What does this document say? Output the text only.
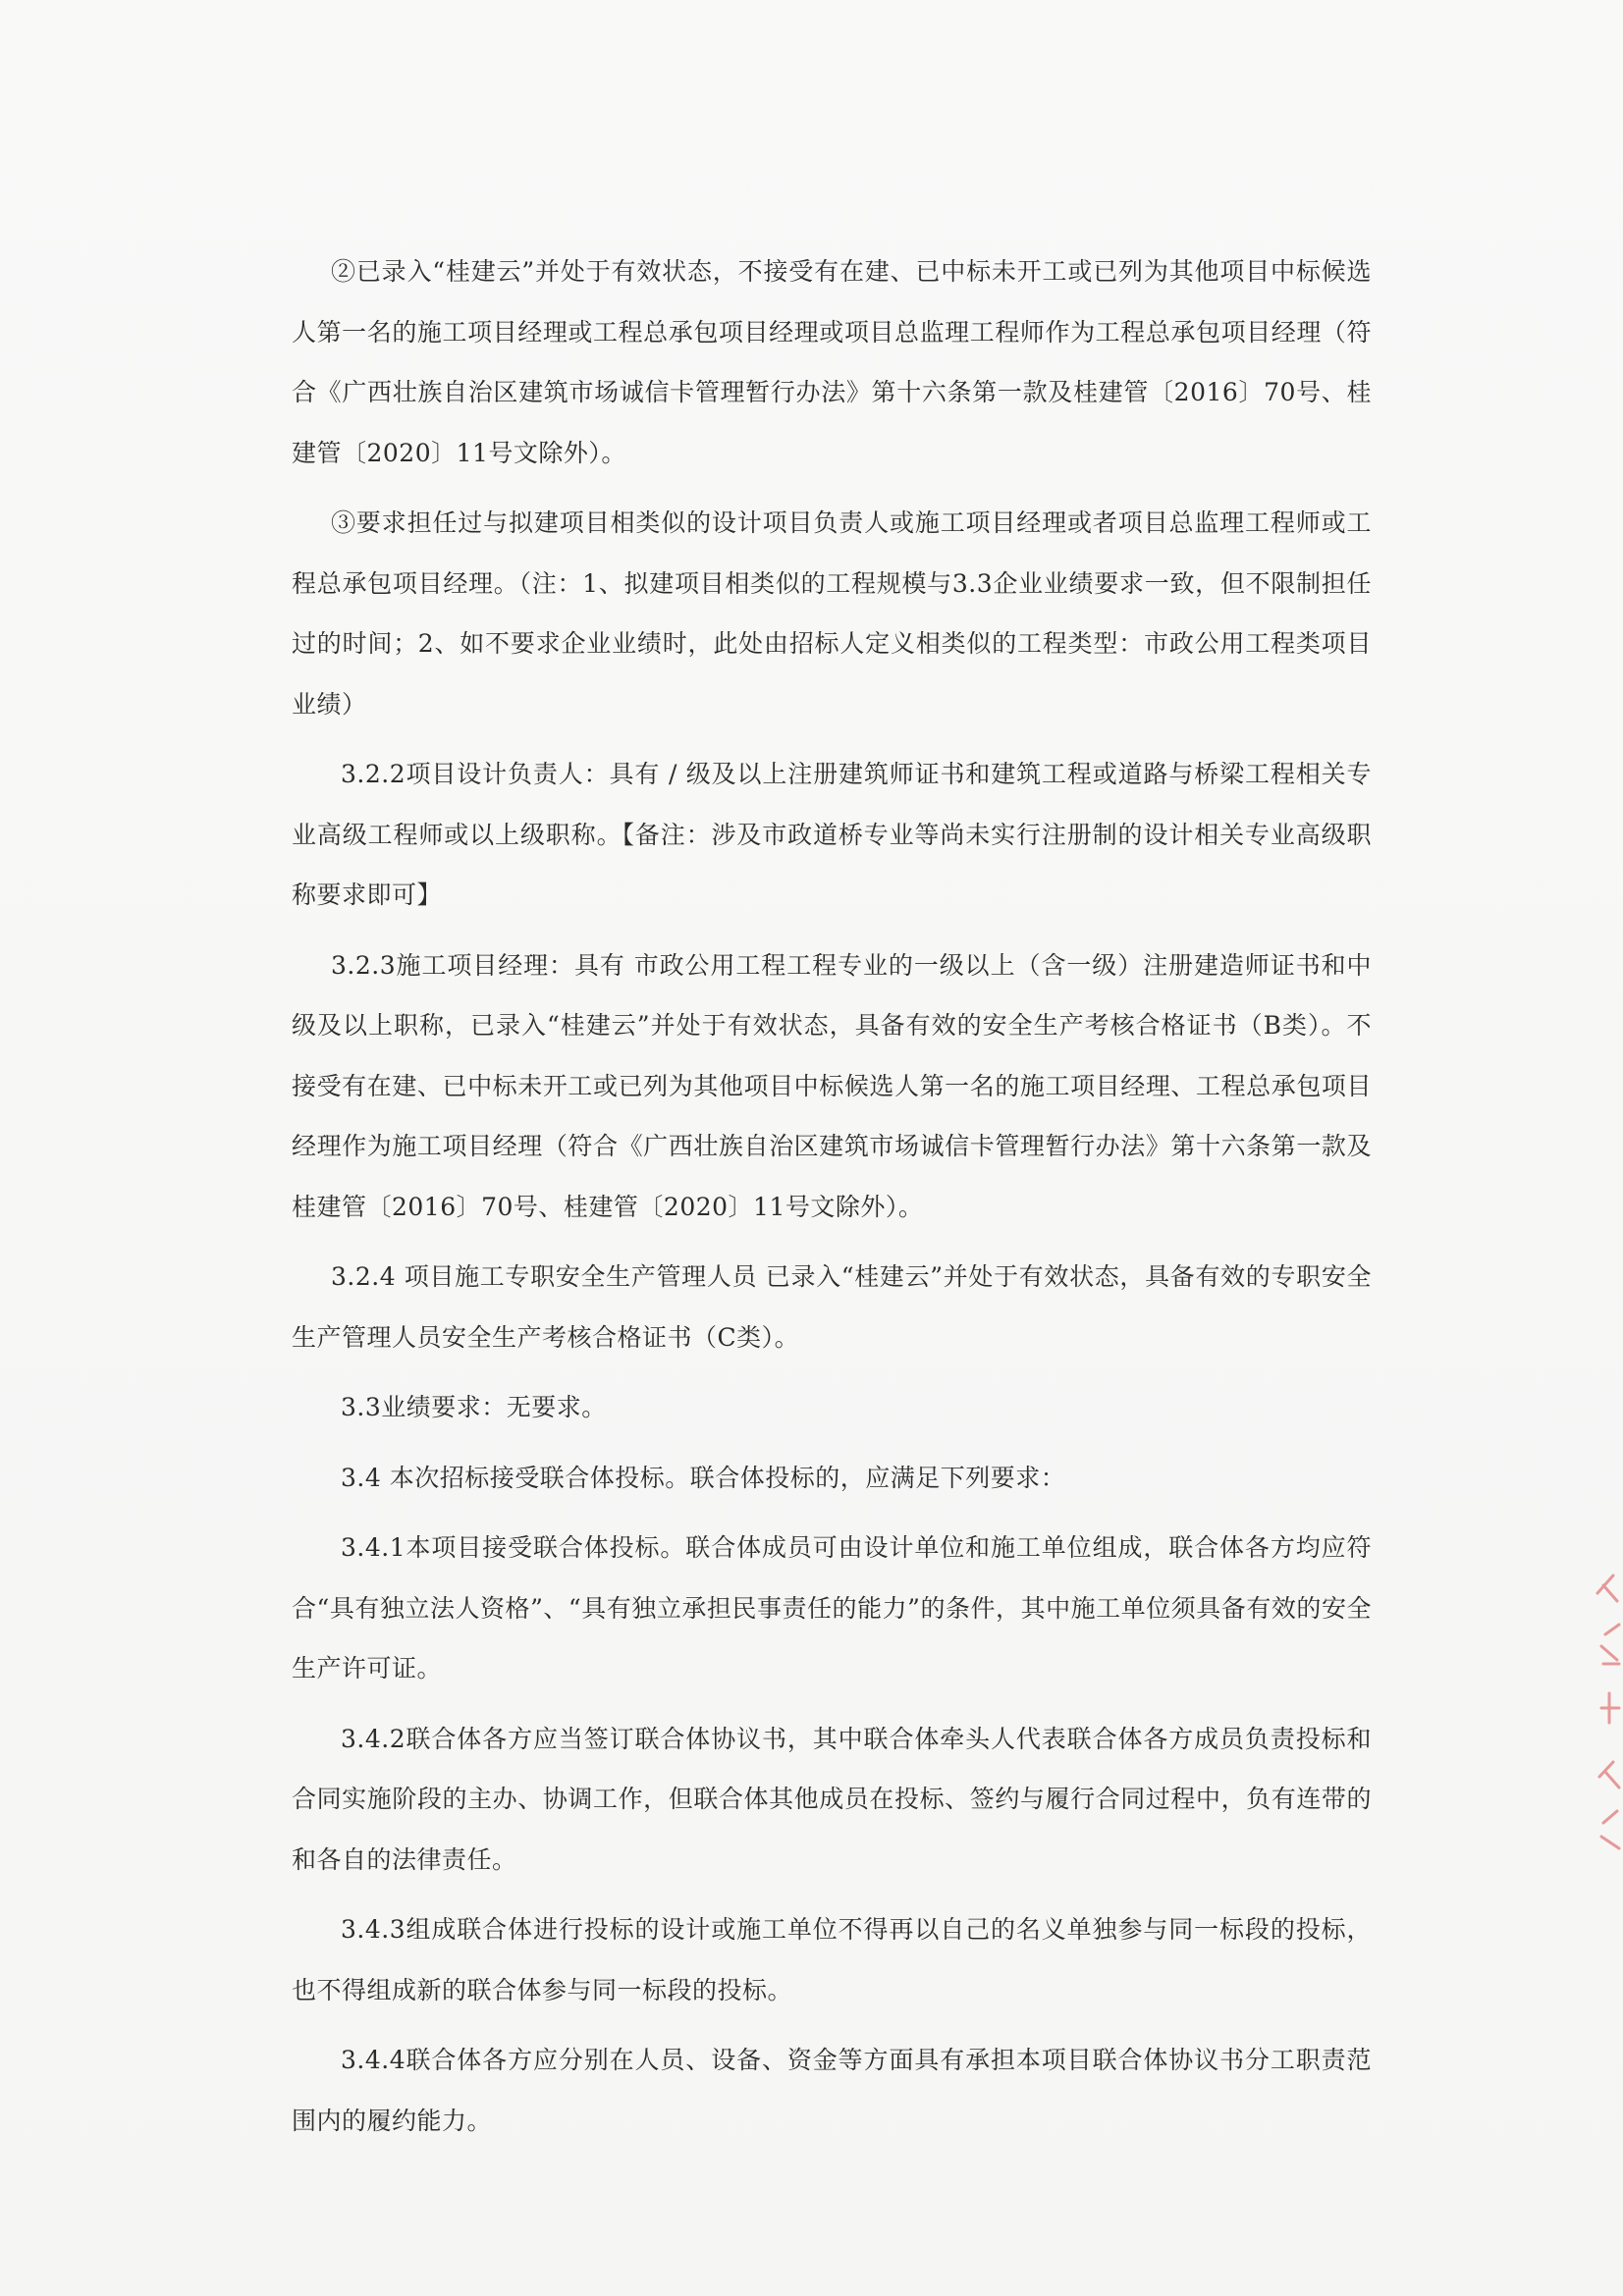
②已录入“桂建云”并处于有效状态，不接受有在建、已中标未开工或已列为其他项目中标候选人第一名的施工项目经理或工程总承包项目经理或项目总监理工程师作为工程总承包项目经理（符合《广西壮族自治区建筑市场诚信卡管理暂行办法》第十六条第一款及桂建管〔2016〕70号、桂建管〔2020〕11号文除外）。

③要求担任过与拟建项目相类似的设计项目负责人或施工项目经理或者项目总监理工程师或工程总承包项目经理。（注：1、拟建项目相类似的工程规模与3.3企业业绩要求一致，但不限制担任过的时间；2、如不要求企业业绩时，此处由招标人定义相类似的工程类型：市政公用工程类项目业绩）

3.2.2项目设计负责人：具有 / 级及以上注册建筑师证书和建筑工程或道路与桥梁工程相关专业高级工程师或以上级职称。【备注：涉及市政道桥专业等尚未实行注册制的设计相关专业高级职称要求即可】

3.2.3施工项目经理：具有 市政公用工程工程专业的一级以上（含一级）注册建造师证书和中级及以上职称，已录入“桂建云”并处于有效状态，具备有效的安全生产考核合格证书（B类）。不接受有在建、已中标未开工或已列为其他项目中标候选人第一名的施工项目经理、工程总承包项目经理作为施工项目经理（符合《广西壮族自治区建筑市场诚信卡管理暂行办法》第十六条第一款及桂建管〔2016〕70号、桂建管〔2020〕11号文除外）。

3.2.4 项目施工专职安全生产管理人员 已录入“桂建云”并处于有效状态，具备有效的专职安全生产管理人员安全生产考核合格证书（C类）。

3.3业绩要求：无要求。

3.4 本次招标接受联合体投标。联合体投标的，应满足下列要求：

3.4.1本项目接受联合体投标。联合体成员可由设计单位和施工单位组成，联合体各方均应符合“具有独立法人资格”、“具有独立承担民事责任的能力”的条件，其中施工单位须具备有效的安全生产许可证。

3.4.2联合体各方应当签订联合体协议书，其中联合体牵头人代表联合体各方成员负责投标和合同实施阶段的主办、协调工作，但联合体其他成员在投标、签约与履行合同过程中，负有连带的和各自的法律责任。

3.4.3组成联合体进行投标的设计或施工单位不得再以自己的名义单独参与同一标段的投标，也不得组成新的联合体参与同一标段的投标。

3.4.4联合体各方应分别在人员、设备、资金等方面具有承担本项目联合体协议书分工职责范围内的履约能力。
